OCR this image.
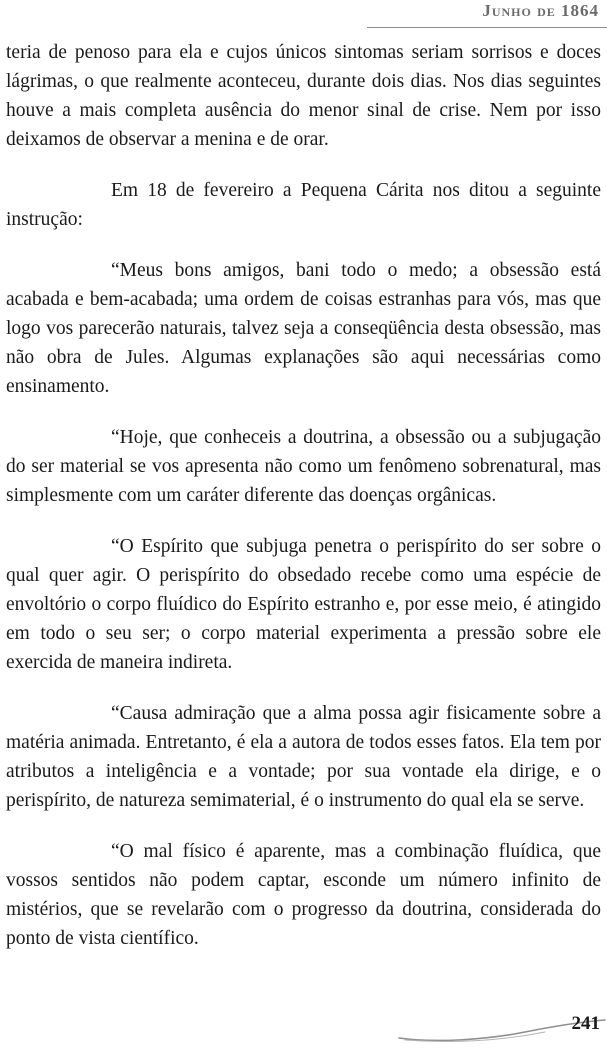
Junho de 1864

teria de penoso para ela e cujos únicos sintomas seriam sorrisos e doces lágrimas, o que realmente aconteceu, durante dois dias. Nos dias seguintes houve a mais completa ausência do menor sinal de crise. Nem por isso deixamos de observar a menina e de orar.

Em 18 de fevereiro a Pequena Cárita nos ditou a seguinte instrução:

“Meus bons amigos, bani todo o medo; a obsessão está acabada e bem-acabada; uma ordem de coisas estranhas para vós, mas que logo vos parecerão naturais, talvez seja a conseqüência desta obsessão, mas não obra de Jules. Algumas explanações são aqui necessárias como ensinamento.

“Hoje, que conheceis a doutrina, a obsessão ou a subjugação do ser material se vos apresenta não como um fenômeno sobrenatural, mas simplesmente com um caráter diferente das doenças orgânicas.

“O Espírito que subjuga penetra o perispírito do ser sobre o qual quer agir. O perispírito do obsedado recebe como uma espécie de envoltório o corpo fluídico do Espírito estranho e, por esse meio, é atingido em todo o seu ser; o corpo material experimenta a pressão sobre ele exercida de maneira indireta.

“Causa admiração que a alma possa agir fisicamente sobre a matéria animada. Entretanto, é ela a autora de todos esses fatos. Ela tem por atributos a inteligência e a vontade; por sua vontade ela dirige, e o perispírito, de natureza semimaterial, é o instrumento do qual ela se serve.

“O mal físico é aparente, mas a combinação fluídica, que vossos sentidos não podem captar, esconde um número infinito de mistérios, que se revelarão com o progresso da doutrina, considerada do ponto de vista científico.

241
